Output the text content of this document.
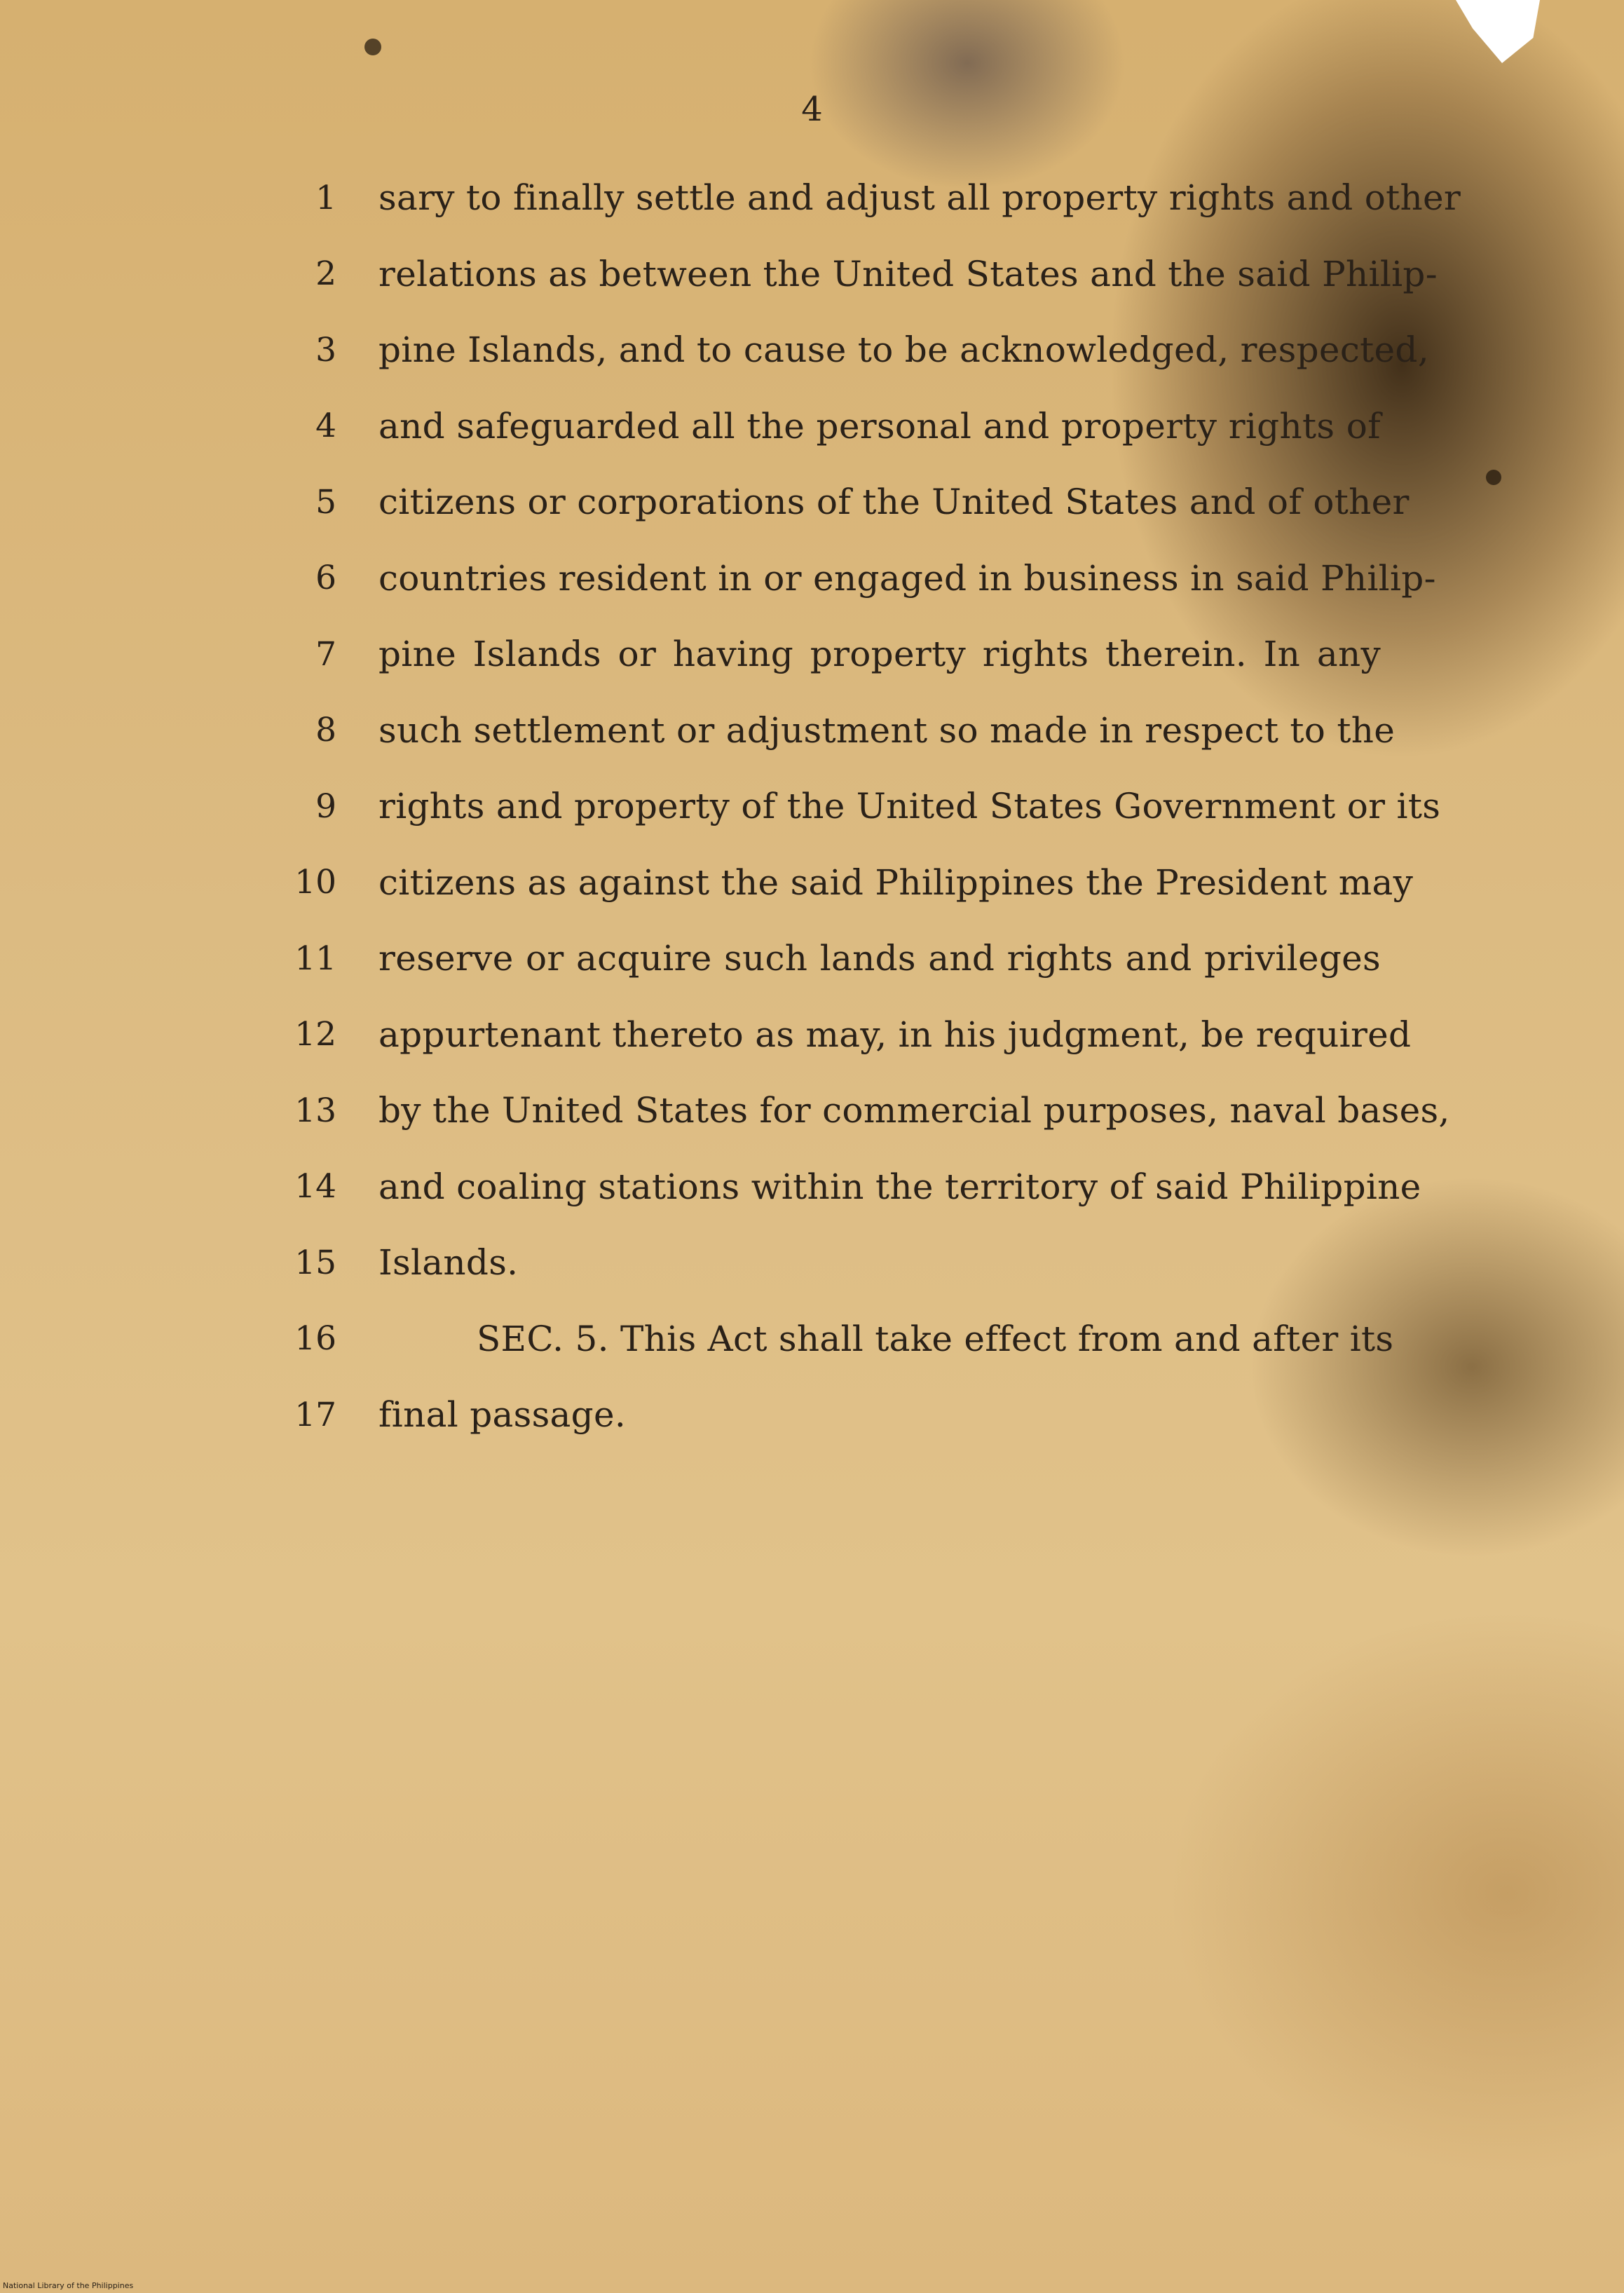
4
1 sary to finally settle and adjust all property rights and other
2 relations as between the United States and the said Philip-
3 pine Islands, and to cause to be acknowledged, respected,
4 and safeguarded all the personal and property rights of
5 citizens or corporations of the United States and of other
6 countries resident in or engaged in business in said Philip-
7 pine Islands or having property rights therein. In any
8 such settlement or adjustment so made in respect to the
9 rights and property of the United States Government or its
10 citizens as against the said Philippines the President may
11 reserve or acquire such lands and rights and privileges
12 appurtenant thereto as may, in his judgment, be required
13 by the United States for commercial purposes, naval bases,
14 and coaling stations within the territory of said Philippine
15 Islands.
16	SEC. 5. This Act shall take effect from and after its
17 final passage.
National Library of the Philippines
